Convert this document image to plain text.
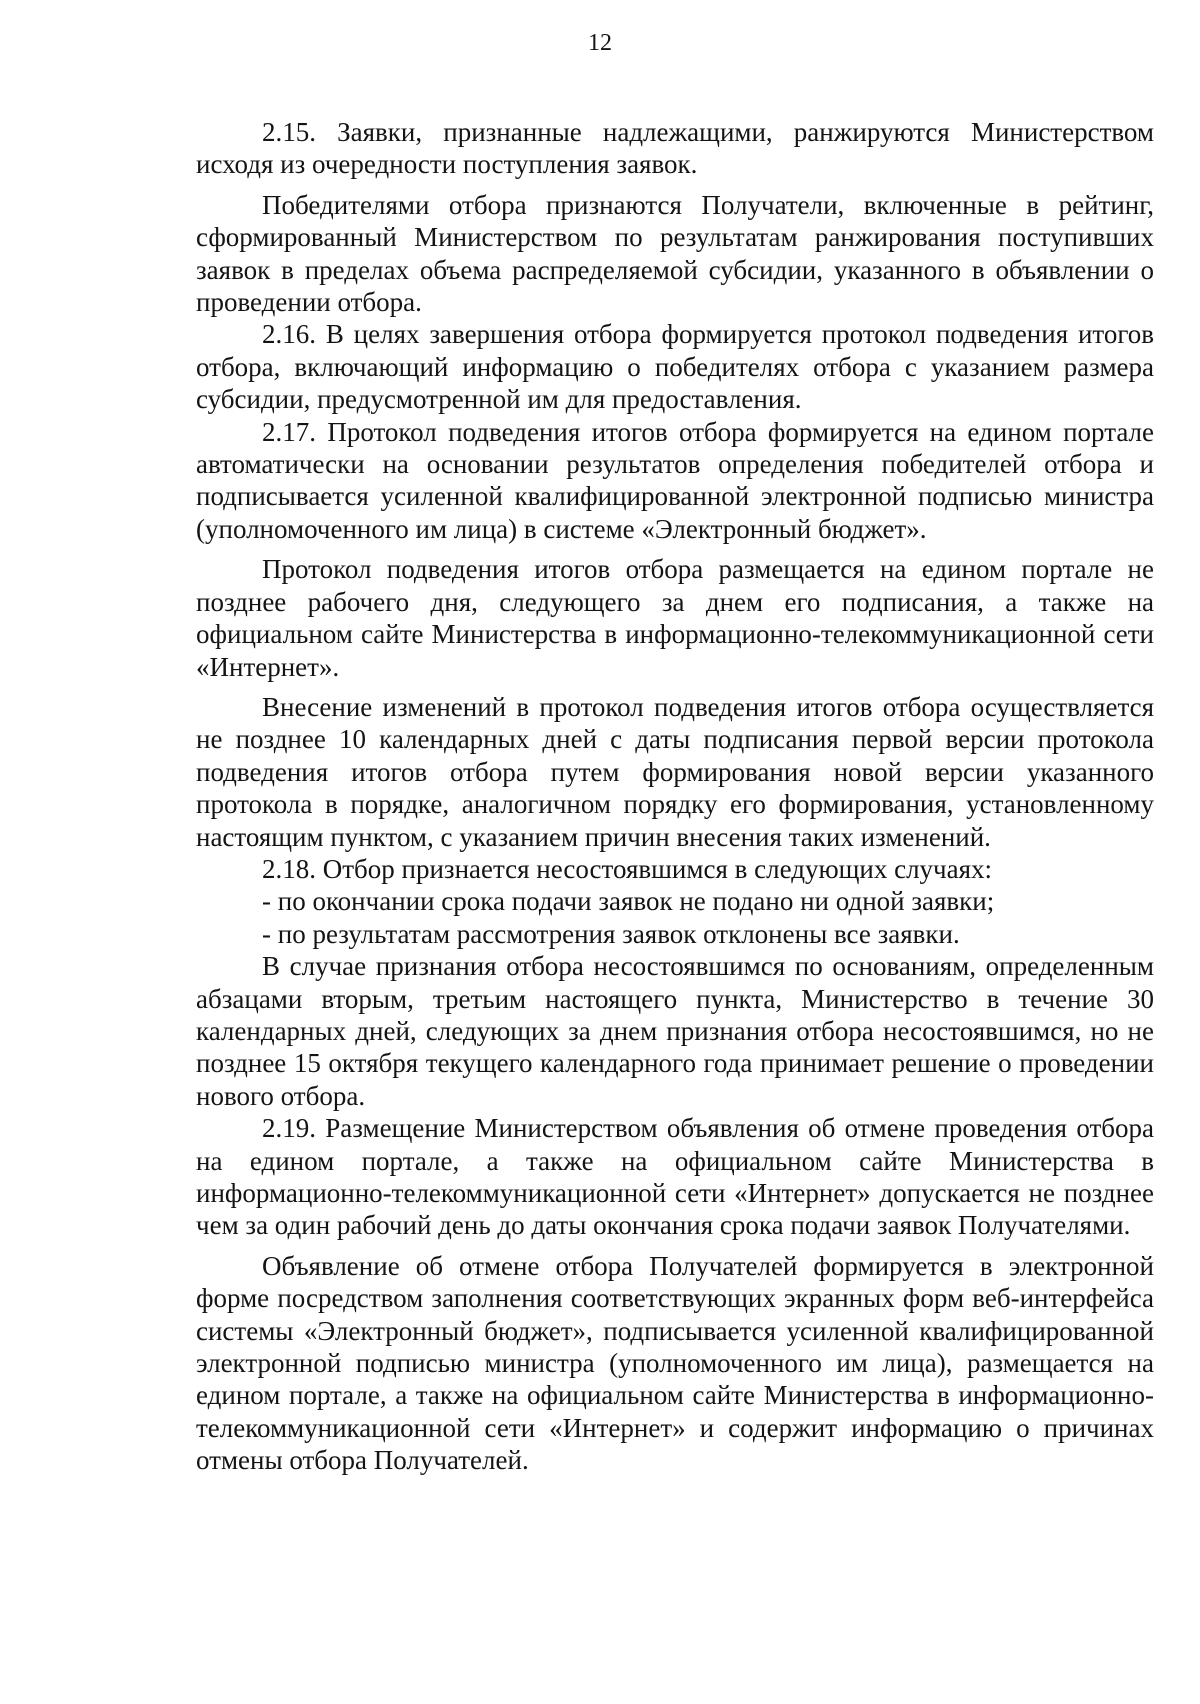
12

2.15. Заявки, признанные надлежащими, ранжируются Министерством исходя из очередности поступления заявок.

Победителями отбора признаются Получатели, включенные в рейтинг, сформированный Министерством по результатам ранжирования поступивших заявок в пределах объема распределяемой субсидии, указанного в объявлении о проведении отбора.

2.16. В целях завершения отбора формируется протокол подведения итогов отбора, включающий информацию о победителях отбора с указанием размера субсидии, предусмотренной им для предоставления.

2.17. Протокол подведения итогов отбора формируется на едином портале автоматически на основании результатов определения победителей отбора и подписывается усиленной квалифицированной электронной подписью министра (уполномоченного им лица) в системе «Электронный бюджет».

Протокол подведения итогов отбора размещается на едином портале не позднее рабочего дня, следующего за днем его подписания, а также на официальном сайте Министерства в информационно-телекоммуникационной сети «Интернет».

Внесение изменений в протокол подведения итогов отбора осуществляется не позднее 10 календарных дней с даты подписания первой версии протокола подведения итогов отбора путем формирования новой версии указанного протокола в порядке, аналогичном порядку его формирования, установленному настоящим пунктом, с указанием причин внесения таких изменений.

2.18. Отбор признается несостоявшимся в следующих случаях:

- по окончании срока подачи заявок не подано ни одной заявки;

- по результатам рассмотрения заявок отклонены все заявки.

В случае признания отбора несостоявшимся по основаниям, определенным абзацами вторым, третьим настоящего пункта, Министерство в течение 30 календарных дней, следующих за днем признания отбора несостоявшимся, но не позднее 15 октября текущего календарного года принимает решение о проведении нового отбора.

2.19. Размещение Министерством объявления об отмене проведения отбора на едином портале, а также на официальном сайте Министерства в информационно-телекоммуникационной сети «Интернет» допускается не позднее чем за один рабочий день до даты окончания срока подачи заявок Получателями.

Объявление об отмене отбора Получателей формируется в электронной форме посредством заполнения соответствующих экранных форм веб-интерфейса системы «Электронный бюджет», подписывается усиленной квалифицированной электронной подписью министра (уполномоченного им лица), размещается на едином портале, а также на официальном сайте Министерства в информационно-телекоммуникационной сети «Интернет» и содержит информацию о причинах отмены отбора Получателей.
